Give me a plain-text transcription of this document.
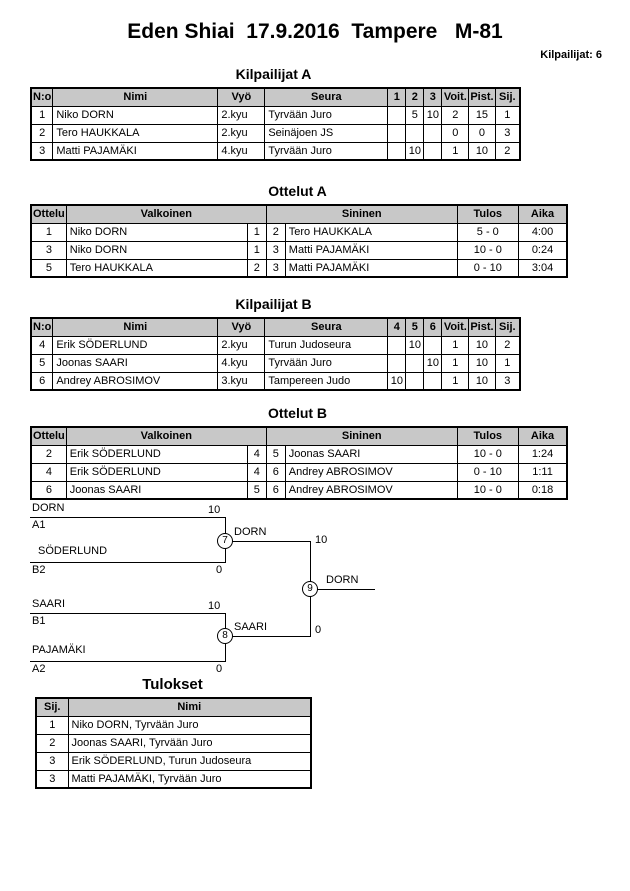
Eden Shiai  17.9.2016  Tampere   M-81
Kilpailijat: 6
Kilpailijat A
N:o	Nimi	Vyö	Seura	1	2	3	Voit.	Pist.	Sij.
1	Niko DORN	2.kyu	Tyrvään Juro		5	10	2	15	1
2	Tero HAUKKALA	2.kyu	Seinäjoen JS				0	0	3
3	Matti PAJAMÄKI	4.kyu	Tyrvään Juro		10		1	10	2
Ottelut A
Ottelu	Valkoinen		Sininen		Tulos	Aika
1	Niko DORN	1	2	Tero HAUKKALA	5 - 0	4:00
3	Niko DORN	1	3	Matti PAJAMÄKI	10 - 0	0:24
5	Tero HAUKKALA	2	3	Matti PAJAMÄKI	0 - 10	3:04
Kilpailijat B
N:o	Nimi	Vyö	Seura	4	5	6	Voit.	Pist.	Sij.
4	Erik SÖDERLUND	2.kyu	Turun Judoseura		10		1	10	2
5	Joonas SAARI	4.kyu	Tyrvään Juro			10	1	10	1
6	Andrey ABROSIMOV	3.kyu	Tampereen Judo	10			1	10	3
Ottelut B
Ottelu	Valkoinen		Sininen		Tulos	Aika
2	Erik SÖDERLUND	4	5	Joonas SAARI	10 - 0	1:24
4	Erik SÖDERLUND	4	6	Andrey ABROSIMOV	0 - 10	1:11
6	Joonas SAARI	5	6	Andrey ABROSIMOV	10 - 0	0:18
DORN
A1
10
SÖDERLUND
B2	0
DORN
SAARI
B1
10
PAJAMÄKI
A2	0
SAARI
10
0
DORN
7
8
9
Tulokset
Sij.	Nimi
1	Niko DORN, Tyrvään Juro
2	Joonas SAARI, Tyrvään Juro
3	Erik SÖDERLUND, Turun Judoseura
3	Matti PAJAMÄKI, Tyrvään Juro
